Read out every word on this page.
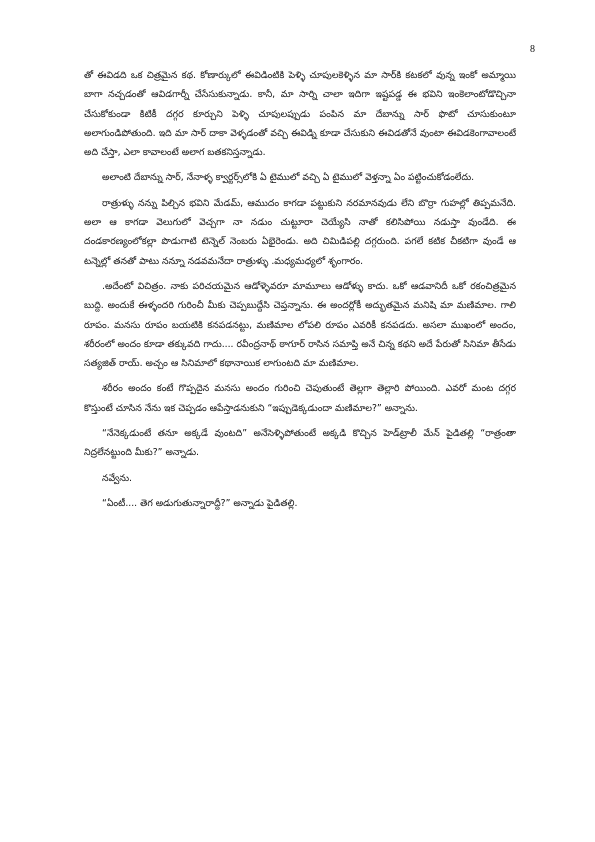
8

తో ఈవిడది ఒక చిత్రమైన కథ. కోణార్కులో ఈవిడింటికి పెళ్ళి చూపులకెళ్ళిన మా సార్‌కి కటకలో వున్న ఇంకో అమ్మాయి బాగా నచ్చడంతో ఆవిడగార్నీ చేసేసుకున్నాడు. కానీ, మా సార్ని చాలా ఇదిగా ఇష్టపడ్డ ఈ భవిని ఇంకెలాంటోడొచ్చినా చేసుకోకుండా కిటికీ దగ్గర కూర్చుని పెళ్ళి చూపులప్పుడు పంపిన మా దేబాన్ను సార్ ఫొటో చూసుకుంటూ అలాగుండిపోతుంది. ఇది మా సార్ దాకా వెళ్ళడంతో వచ్చి ఈవిడ్ని కూడా చేసుకుని ఈవిడతోనే వుంటా ఈవిడకెంగావాలంటే అది చేస్తా, ఎలా కావాలంటే అలాగ బతకనిస్తన్నాడు.

అలాంటి దేబాన్ను సార్, నేనాళ్ళ క్వార్టర్స్‌లోకి ఏ టైములో వచ్చి ఏ టైములో వెళ్తన్నా ఏం పట్టించుకోడంలేదు.

రాత్రుళ్ళు నన్ను పిల్చిన భవిని మేడమ్, ఆముదం కాగడా పట్టుకుని నరమానవుడు లేని బొర్రా గుహల్లో తిప్పమనేది. అలా ఆ కాగడా వెలుగులో వెచ్చగా నా నడుం చుట్టూరా చెయ్యేసి నాతో కలిసిపోయి నడుస్తా వుండేది. ఈ దండకారణ్యంలోకల్లా పొడుగాటి టెన్నెల్ నెంబరు ఏభైరెండు. అది చిమిడిపల్లి దగ్గరుంది. పగలే కటిక చీకటిగా వుండే ఆ టన్నెల్లో తనతో పాటు నన్నూ నడవమనేదా రాత్రుళ్ళు .మధ్యమధ్యలో శృంగారం.

.అదేంటో విచిత్రం. నాకు పరిచయమైన ఆడోళ్ళెవరూ మామూలు ఆడోళ్ళు కాదు. ఒకో ఆడవానిదీ ఒకో రకంచిత్రమైన బుద్ది. అందుకే ఈళ్ళందరి గురించీ మీకు చెప్పబుద్దేసి చెప్తన్నాను. ఈ అందర్లోకీ అద్భుతమైన మనిషి మా మణిమాల. గాలి రూపం. మనసు రూపం బయటికి కనపడనట్టు, మణిమాల లోపలి రూపం ఎవరికీ కనపడదు. అసలా ముఖంలో అందం, శరీరంలో అందం కూడా తక్కువది గాదు.... రవీంద్రనాథ్ ఠాగూర్ రాసిన సమాప్తి అనే చిన్న కథని అదే పేరుతో సినిమా తీసేడు సత్యజిత్ రాయ్. అచ్చం ఆ సినిమాలో కథానాయిక లాగుంటది మా మణిమాల.

శరీరం అందం కంటే గొప్పదైన మనసు అందం గురించి చెపుతుంటే తెల్లగా తెల్లారి పోయింది. ఎవరో మంట దగ్గర కొస్తుంటే చూసిన నేను ఇక చెప్పడం ఆపేస్తాడనుకుని “ఇప్పుడెక్కడుందా మణిమాల?” అన్నాను.

“నేనెక్కడుంటే తనూ అక్కడే వుంటది” అనేసెళ్ళిపోతుంటే అక్కడి కొచ్చిన హెడ్‌ట్రాలీ మేన్ పైడితల్లి “రాత్రంతా నిద్రలేనట్టుంది మీకు?” అన్నాడు.

నవ్వేను.

“ఏంటీ.... తెగ అడుగుతున్నారాద్దీ?” అన్నాడు పైడితల్లి.
